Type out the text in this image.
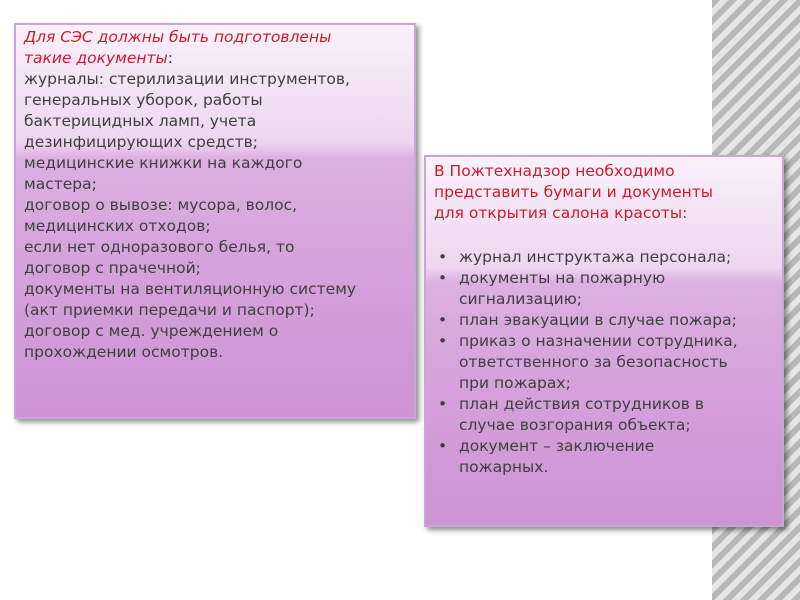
Для СЭС должны быть подготовлены
такие документы:
журналы: стерилизации инструментов,
генеральных уборок, работы
бактерицидных ламп, учета
дезинфицирующих средств;
медицинские книжки на каждого
мастера;
договор о вывозе: мусора, волос,
медицинских отходов;
если нет одноразового белья, то
договор с прачечной;
документы на вентиляционную систему
(акт приемки передачи и паспорт);
договор с мед. учреждением о
прохождении осмотров.
В Пожтехнадзор необходимо
представить бумаги и документы
для открытия салона красоты:
• журнал инструктажа персонала;
• документы на пожарную
сигнализацию;
• план эвакуации в случае пожара;
• приказ о назначении сотрудника,
ответственного за безопасность
при пожарах;
• план действия сотрудников в
случае возгорания объекта;
• документ – заключение
пожарных.
